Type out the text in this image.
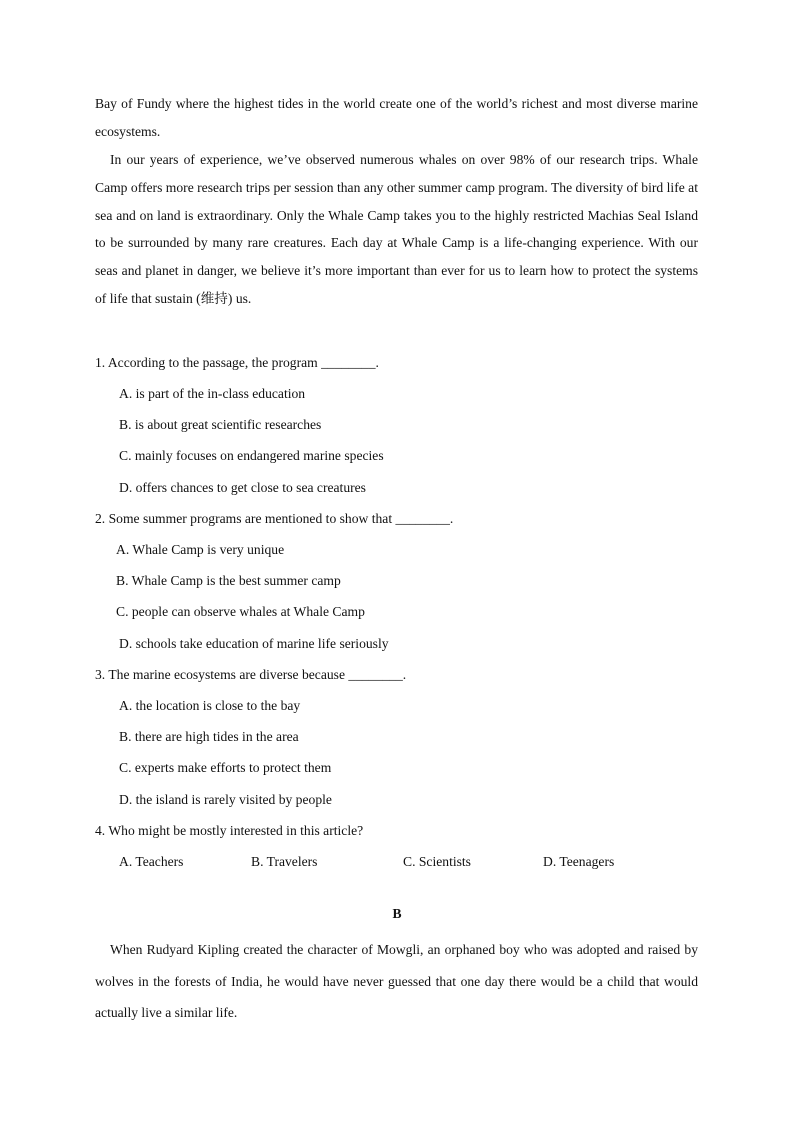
Bay of Fundy where the highest tides in the world create one of the world’s richest and most diverse marine ecosystems.

In our years of experience, we’ve observed numerous whales on over 98% of our research trips. Whale Camp offers more research trips per session than any other summer camp program. The diversity of bird life at sea and on land is extraordinary. Only the Whale Camp takes you to the highly restricted Machias Seal Island to be surrounded by many rare creatures. Each day at Whale Camp is a life-changing experience. With our seas and planet in danger, we believe it’s more important than ever for us to learn how to protect the systems of life that sustain (维持) us.

1. According to the passage, the program ________.

A. is part of the in-class education

B. is about great scientific researches

C. mainly focuses on endangered marine species

D. offers chances to get close to sea creatures

2. Some summer programs are mentioned to show that ________.

A. Whale Camp is very unique

B. Whale Camp is the best summer camp

C. people can observe whales at Whale Camp

D. schools take education of marine life seriously

3. The marine ecosystems are diverse because ________.

A. the location is close to the bay

B. there are high tides in the area

C. experts make efforts to protect them

D. the island is rarely visited by people

4. Who might be mostly interested in this article?

A. Teachers	B. Travelers	C. Scientists	D. Teenagers

B

When Rudyard Kipling created the character of Mowgli, an orphaned boy who was adopted and raised by wolves in the forests of India, he would have never guessed that one day there would be a child that would actually live a similar life.
